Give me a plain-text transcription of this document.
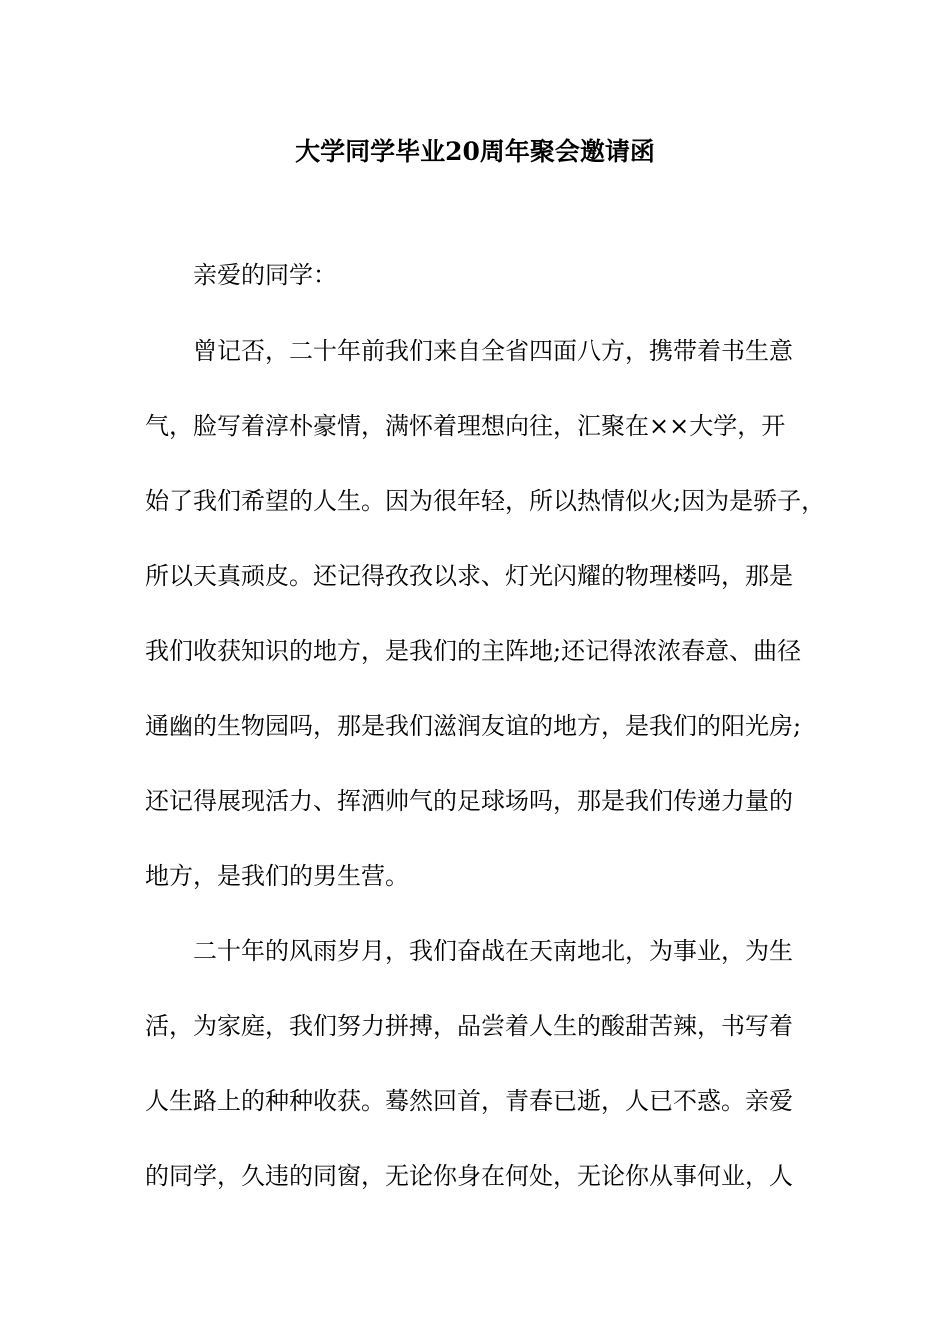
大学同学毕业20周年聚会邀请函
亲爱的同学：
曾记否，二十年前我们来自全省四面八方，携带着书生意
气，脸写着淳朴豪情，满怀着理想向往，汇聚在××大学，开
始了我们希望的人生。因为很年轻，所以热情似火;因为是骄子，
所以天真顽皮。还记得孜孜以求、灯光闪耀的物理楼吗，那是
我们收获知识的地方，是我们的主阵地;还记得浓浓春意、曲径
通幽的生物园吗，那是我们滋润友谊的地方，是我们的阳光房;
还记得展现活力、挥洒帅气的足球场吗，那是我们传递力量的
地方，是我们的男生营。
二十年的风雨岁月，我们奋战在天南地北，为事业，为生
活，为家庭，我们努力拼搏，品尝着人生的酸甜苦辣，书写着
人生路上的种种收获。蓦然回首，青春已逝，人已不惑。亲爱
的同学，久违的同窗，无论你身在何处，无论你从事何业，人
